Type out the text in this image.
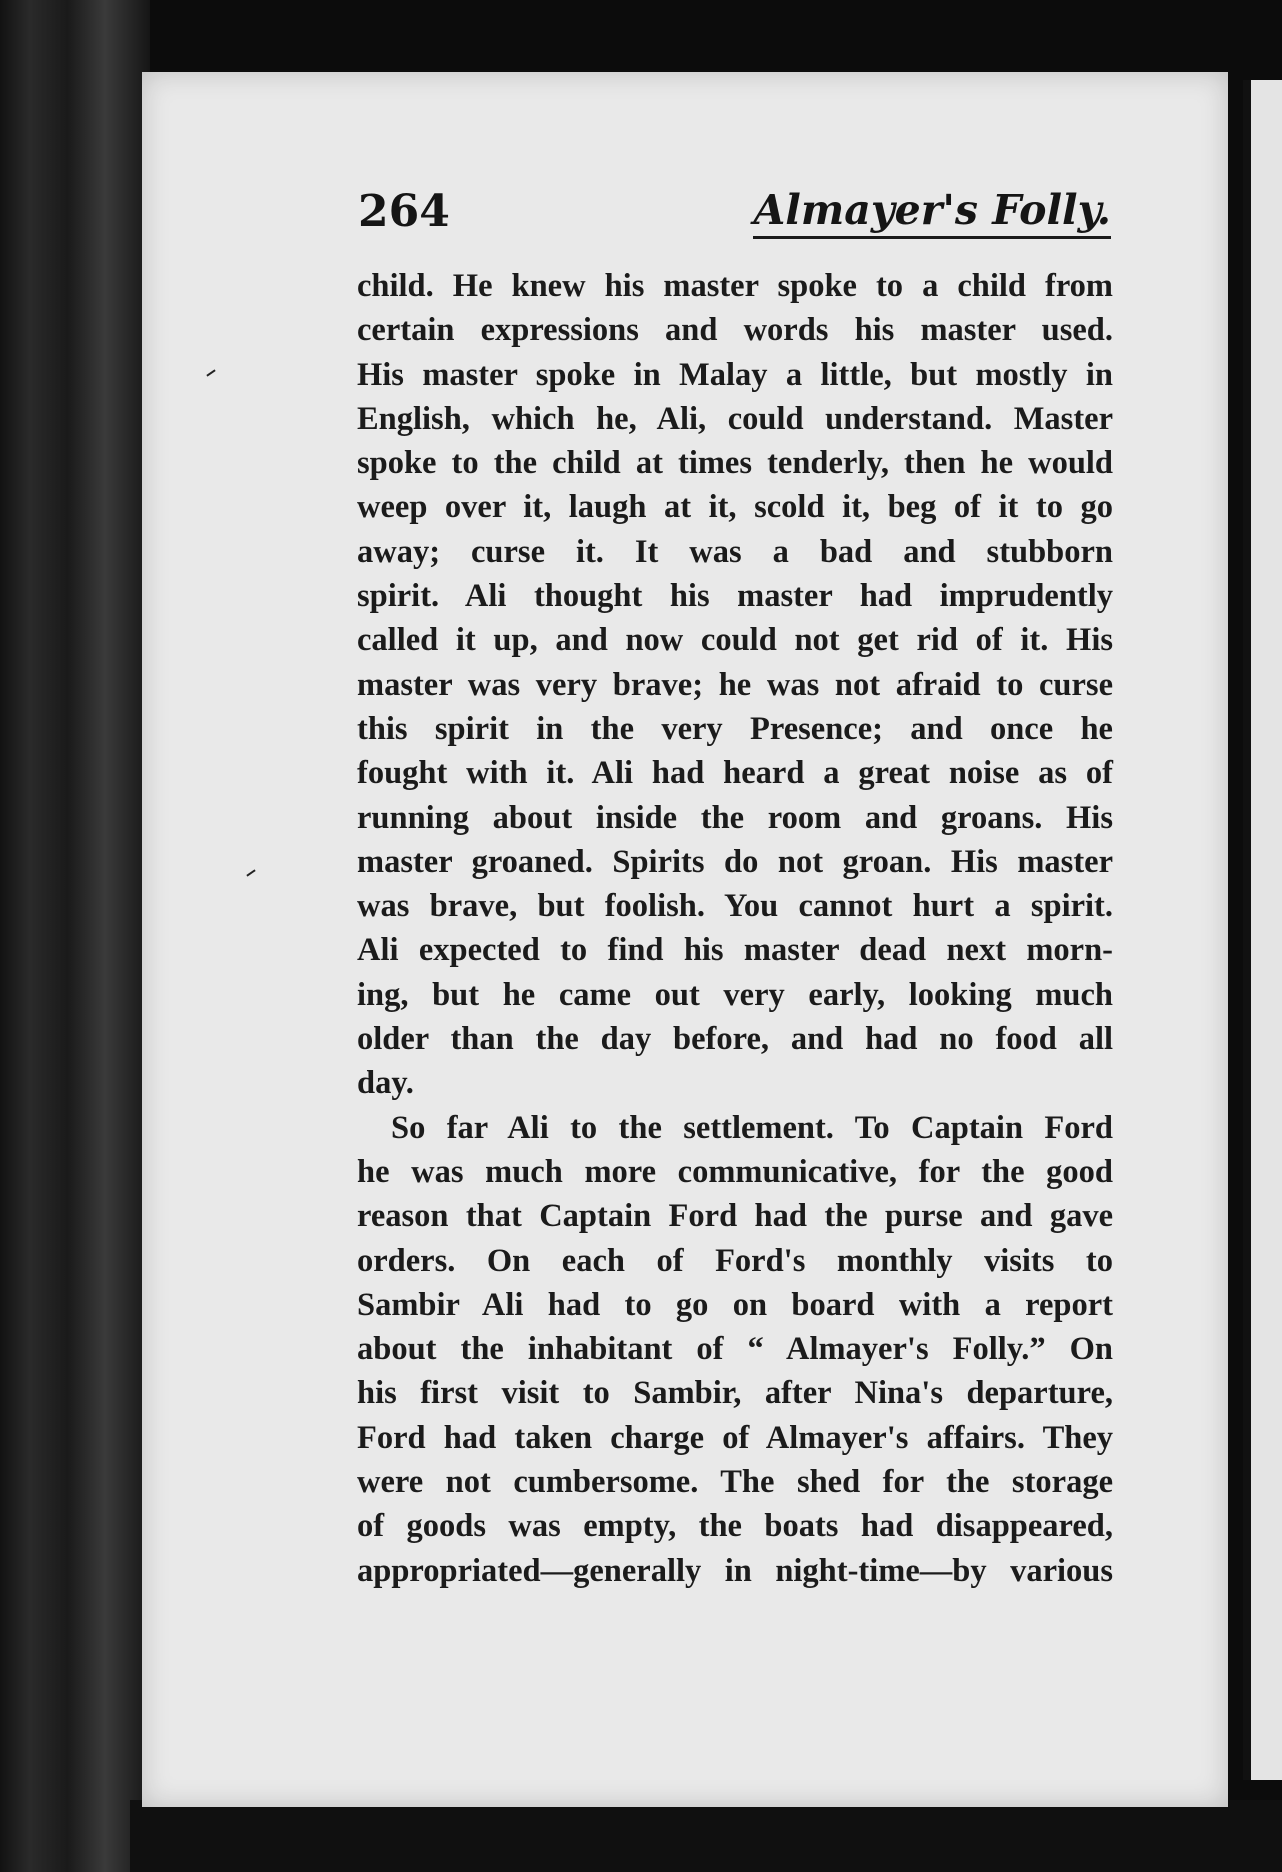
264	Almayer's Folly.

child. He knew his master spoke to a child from
certain expressions and words his master used.
His master spoke in Malay a little, but mostly in
English, which he, Ali, could understand. Master
spoke to the child at times tenderly, then he would
weep over it, laugh at it, scold it, beg of it to go
away; curse it. It was a bad and stubborn
spirit. Ali thought his master had imprudently
called it up, and now could not get rid of it. His
master was very brave; he was not afraid to curse
this spirit in the very Presence; and once he
fought with it. Ali had heard a great noise as of
running about inside the room and groans. His
master groaned. Spirits do not groan. His master
was brave, but foolish. You cannot hurt a spirit.
Ali expected to find his master dead next morn-
ing, but he came out very early, looking much
older than the day before, and had no food all
day.

So far Ali to the settlement. To Captain Ford
he was much more communicative, for the good
reason that Captain Ford had the purse and gave
orders. On each of Ford's monthly visits to
Sambir Ali had to go on board with a report
about the inhabitant of “ Almayer's Folly.” On
his first visit to Sambir, after Nina's departure,
Ford had taken charge of Almayer's affairs. They
were not cumbersome. The shed for the storage
of goods was empty, the boats had disappeared,
appropriated—generally in night-time—by various
